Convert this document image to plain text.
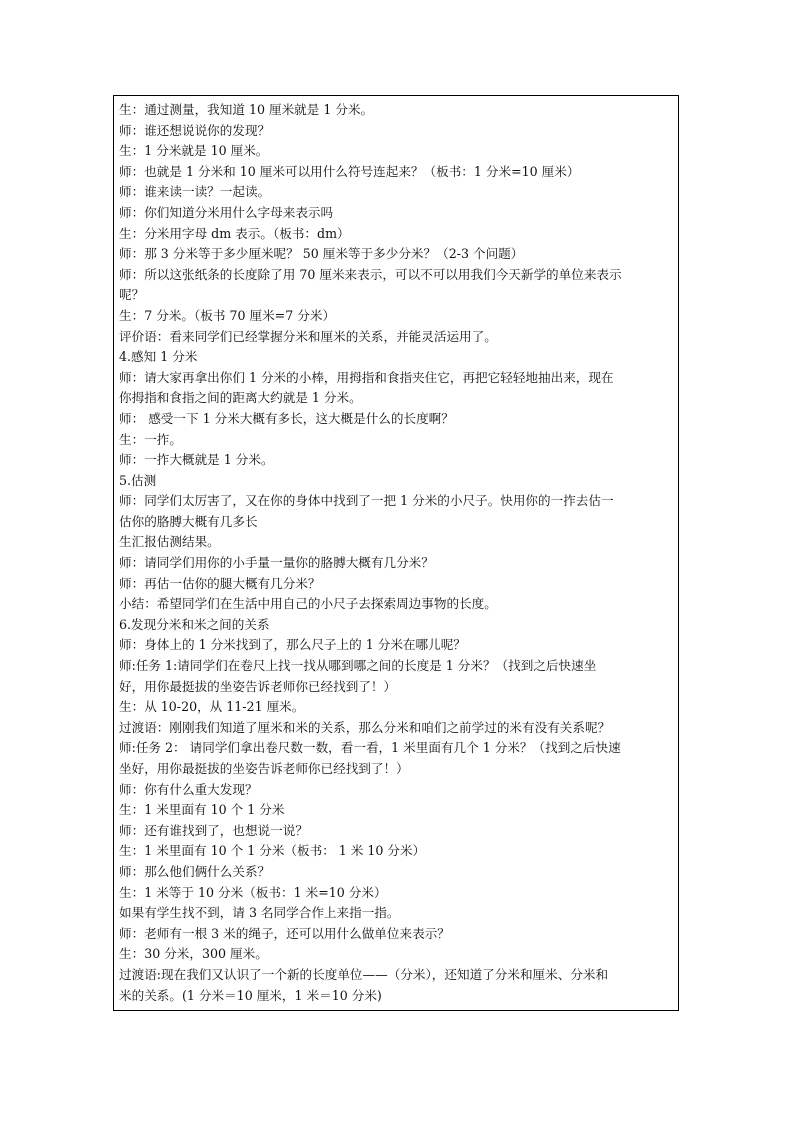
生：通过测量，我知道 10 厘米就是 1 分米。
师：谁还想说说你的发现？
生：1 分米就是 10 厘米。
师：也就是 1 分米和 10 厘米可以用什么符号连起来？（板书：1 分米=10 厘米）
师：谁来读一读？一起读。
师：你们知道分米用什么字母来表示吗
生：分米用字母 dm 表示。（板书：dm）
师：那 3 分米等于多少厘米呢？ 50 厘米等于多少分米？（2-3 个问题）
师：所以这张纸条的长度除了用 70 厘米来表示，可以不可以用我们今天新学的单位来表示
呢？
生：7 分米。（板书 70 厘米=7 分米）
评价语：看来同学们已经掌握分米和厘米的关系，并能灵活运用了。
4.感知 1 分米
师：请大家再拿出你们 1 分米的小棒，用拇指和食指夹住它，再把它轻轻地抽出来，现在
你拇指和食指之间的距离大约就是 1 分米。
师： 感受一下 1 分米大概有多长，这大概是什么的长度啊？
生：一拃。
师：一拃大概就是 1 分米。
5.估测
师：同学们太厉害了，又在你的身体中找到了一把 1 分米的小尺子。快用你的一拃去估一
估你的胳膊大概有几多长
生汇报估测结果。
师：请同学们用你的小手量一量你的胳膊大概有几分米？
师：再估一估你的腿大概有几分米？
小结：希望同学们在生活中用自己的小尺子去探索周边事物的长度。
6.发现分米和米之间的关系
师：身体上的 1 分米找到了，那么尺子上的 1 分米在哪儿呢？
师:任务 1:请同学们在卷尺上找一找从哪到哪之间的长度是 1 分米？（找到之后快速坐
好，用你最挺拔的坐姿告诉老师你已经找到了！）
生：从 10-20，从 11-21 厘米。
过渡语：刚刚我们知道了厘米和米的关系，那么分米和咱们之前学过的米有没有关系呢？
师:任务 2： 请同学们拿出卷尺数一数，看一看，1 米里面有几个 1 分米？（找到之后快速
坐好，用你最挺拔的坐姿告诉老师你已经找到了！）
师：你有什么重大发现？
生：1 米里面有 10 个 1 分米
师：还有谁找到了，也想说一说？
生：1 米里面有 10 个 1 分米（板书： 1 米 10 分米）
师：那么他们俩什么关系？
生：1 米等于 10 分米（板书：1 米=10 分米）
如果有学生找不到，请 3 名同学合作上来指一指。
师：老师有一根 3 米的绳子，还可以用什么做单位来表示？
生：30 分米，300 厘米。
过渡语:现在我们又认识了一个新的长度单位——（分米），还知道了分米和厘米、分米和
米的关系。(1 分米＝10 厘米，1 米＝10 分米)
